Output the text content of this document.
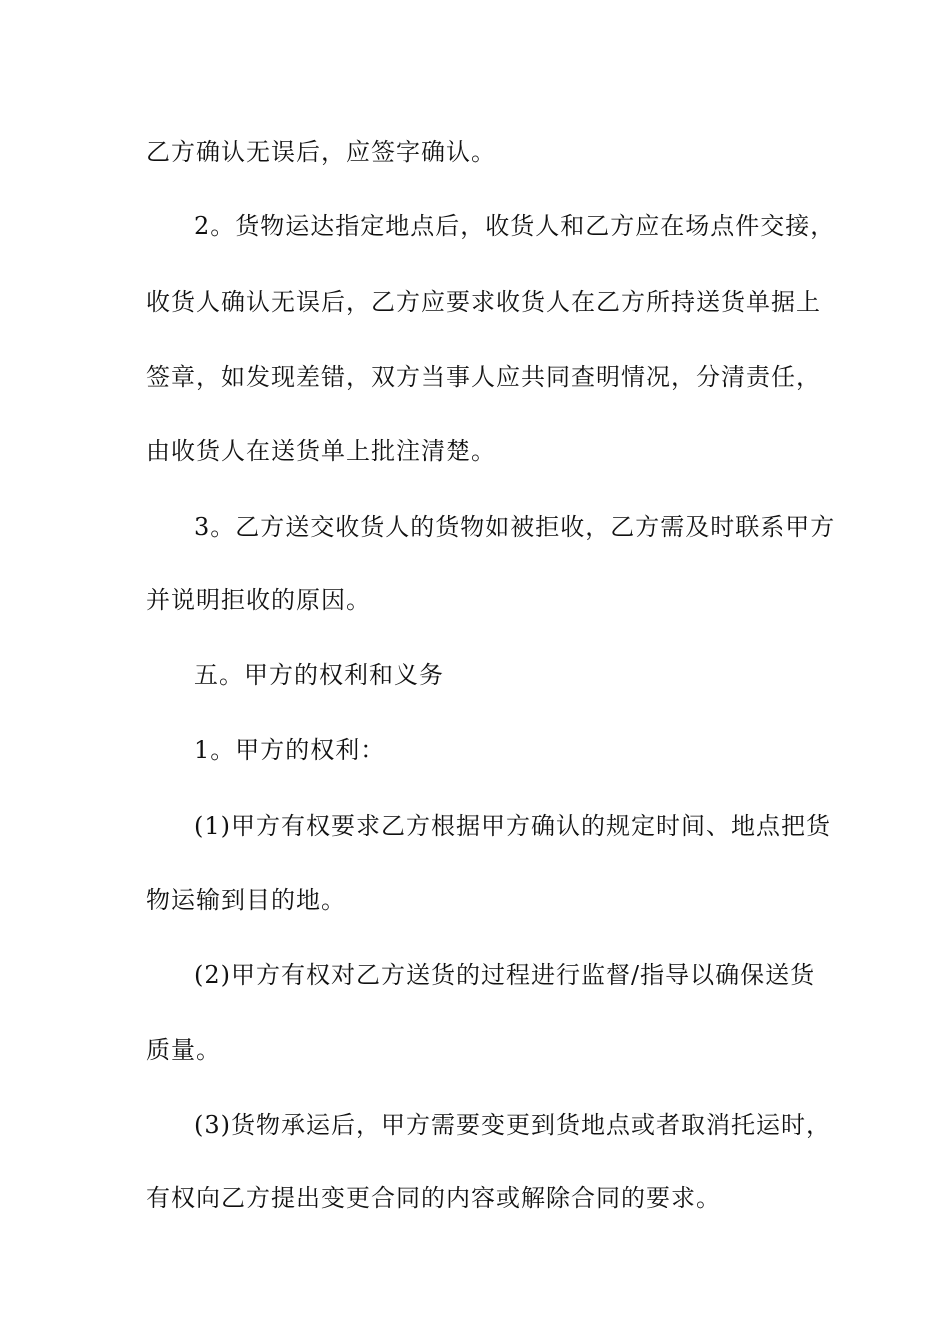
乙方确认无误后，应签字确认。
2。货物运达指定地点后，收货人和乙方应在场点件交接，
收货人确认无误后，乙方应要求收货人在乙方所持送货单据上
签章，如发现差错，双方当事人应共同查明情况，分清责任，
由收货人在送货单上批注清楚。
3。乙方送交收货人的货物如被拒收，乙方需及时联系甲方
并说明拒收的原因。
五。甲方的权利和义务
1。甲方的权利：
(1)甲方有权要求乙方根据甲方确认的规定时间、地点把货
物运输到目的地。
(2)甲方有权对乙方送货的过程进行监督/指导以确保送货
质量。
(3)货物承运后，甲方需要变更到货地点或者取消托运时，
有权向乙方提出变更合同的内容或解除合同的要求。
